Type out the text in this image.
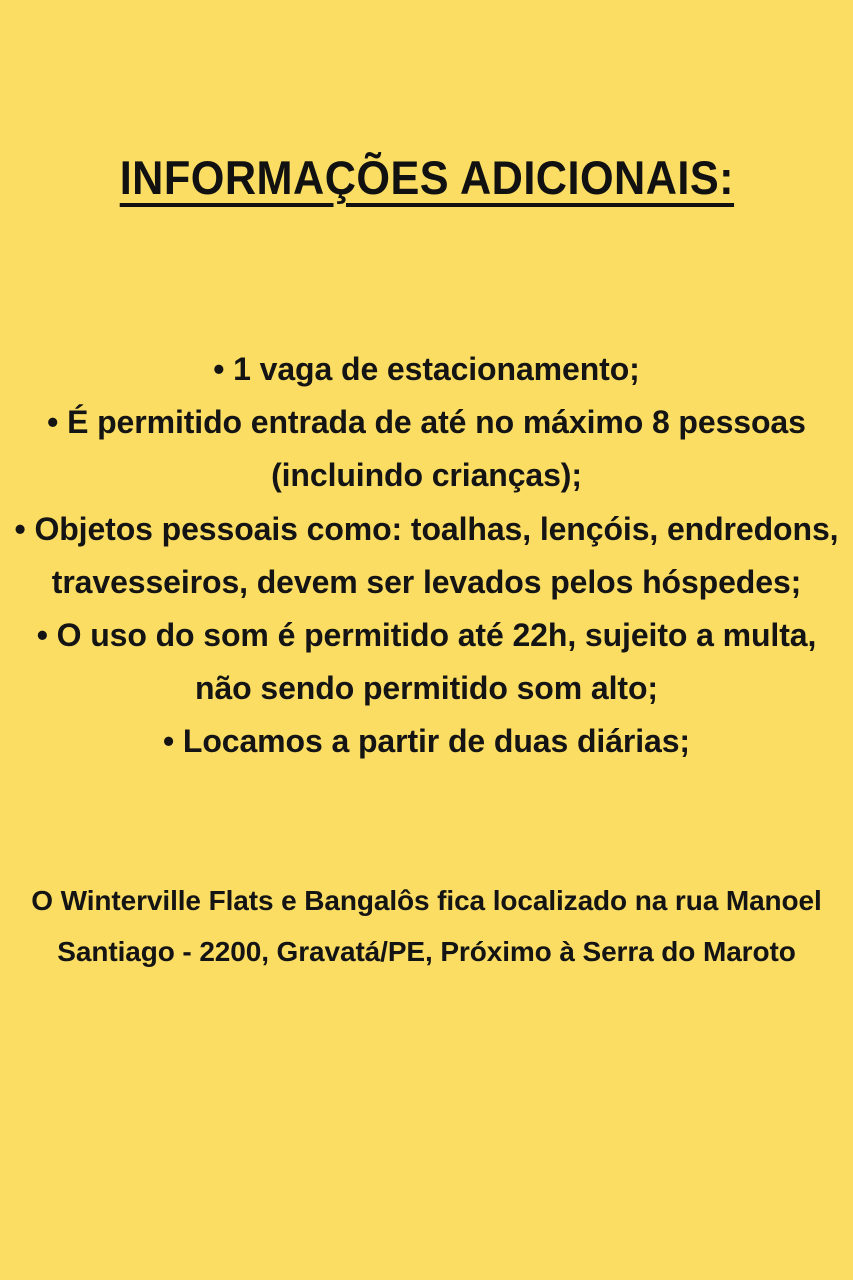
INFORMAÇÕES ADICIONAIS:
• 1 vaga de estacionamento;
• É permitido entrada de até no máximo 8 pessoas (incluindo crianças);
• Objetos pessoais como: toalhas, lençóis, endredons, travesseiros, devem ser levados pelos hóspedes;
• O uso do som é permitido até 22h, sujeito a multa, não sendo permitido som alto;
• Locamos a partir de duas diárias;
O Winterville Flats e Bangalôs fica localizado na rua Manoel Santiago - 2200, Gravatá/PE, Próximo à Serra do Maroto
